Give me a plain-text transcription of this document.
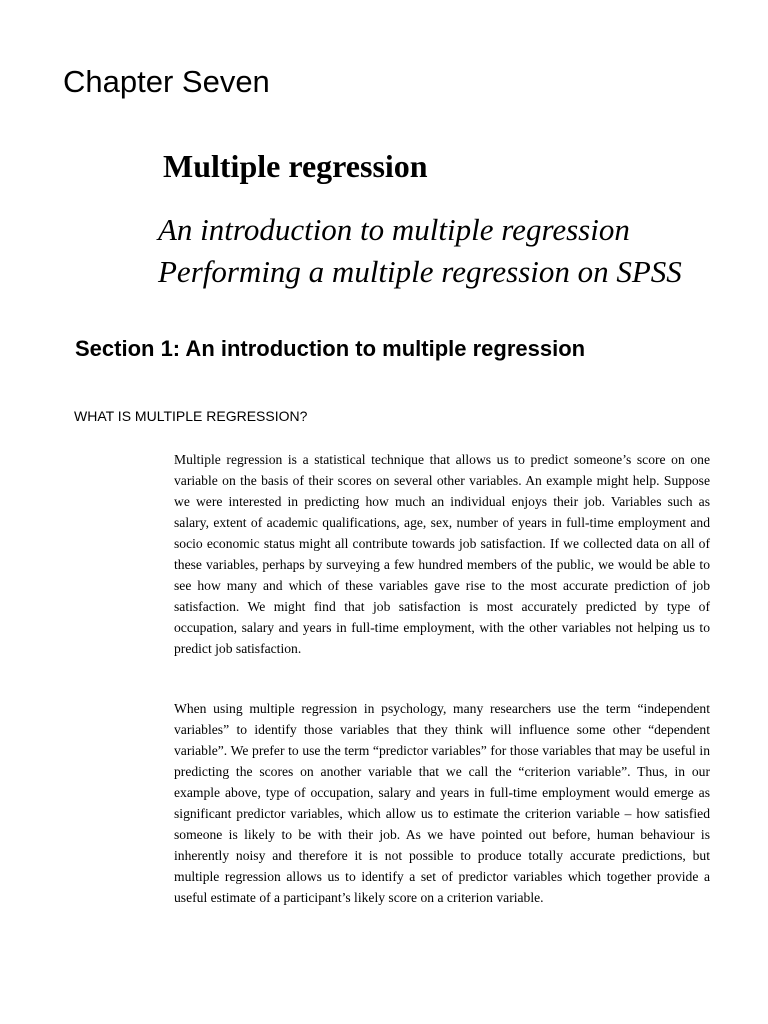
Chapter Seven
Multiple regression
An introduction to multiple regression
Performing a multiple regression on SPSS
Section 1: An introduction to multiple regression
WHAT IS MULTIPLE REGRESSION?

Multiple regression is a statistical technique that allows us to predict someone’s score on one variable on the basis of their scores on several other variables. An example might help. Suppose we were interested in predicting how much an individual enjoys their job. Variables such as salary, extent of academic qualifications, age, sex, number of years in full-time employment and socio economic status might all contribute towards job satisfaction. If we collected data on all of these variables, perhaps by surveying a few hundred members of the public, we would be able to see how many and which of these variables gave rise to the most accurate prediction of job satisfaction. We might find that job satisfaction is most accurately predicted by type of occupation, salary and years in full-time employment, with the other variables not helping us to predict job satisfaction.

When using multiple regression in psychology, many researchers use the term “independent variables” to identify those variables that they think will influence some other “dependent variable”. We prefer to use the term “predictor variables” for those variables that may be useful in predicting the scores on another variable that we call the “criterion variable”. Thus, in our example above, type of occupation, salary and years in full-time employment would emerge as significant predictor variables, which allow us to estimate the criterion variable – how satisfied someone is likely to be with their job. As we have pointed out before, human behaviour is inherently noisy and therefore it is not possible to produce totally accurate predictions, but multiple regression allows us to identify a set of predictor variables which together provide a useful estimate of a participant’s likely score on a criterion variable.
